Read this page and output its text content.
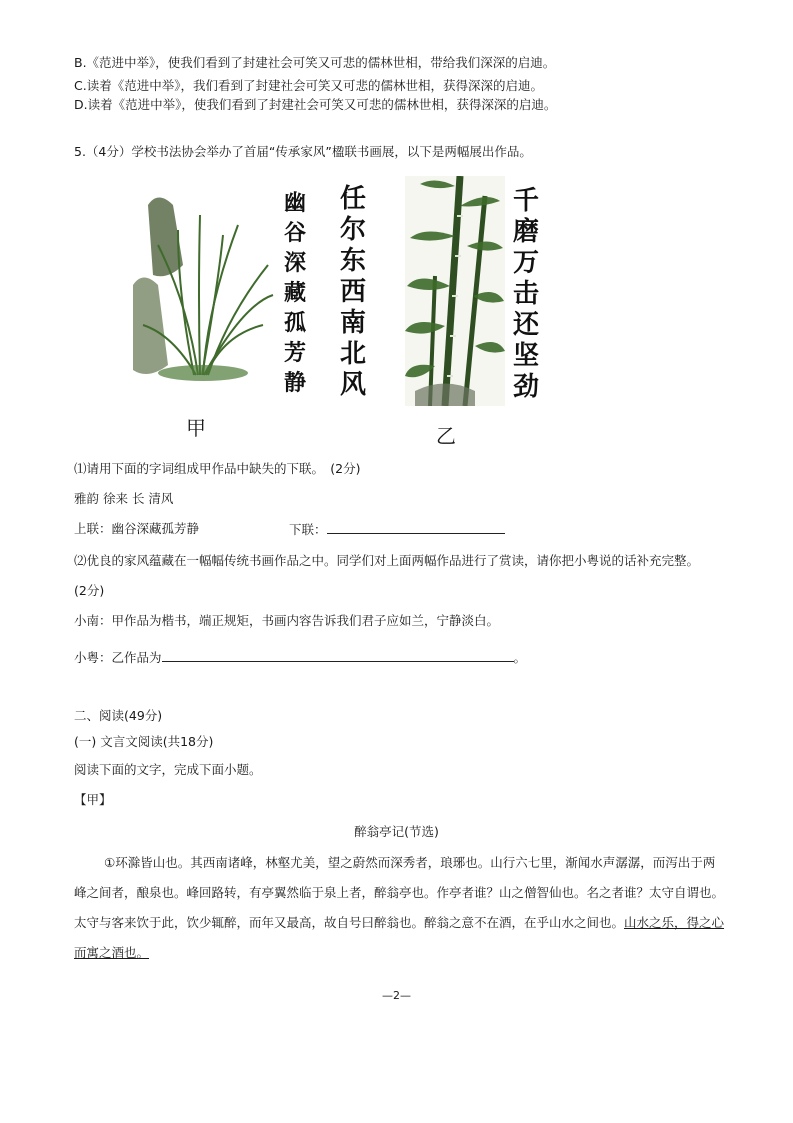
B.《范进中举》，使我们看到了封建社会可笑又可悲的儒林世相，带给我们深深的启迪。
C.读着《范进中举》，我们看到了封建社会可笑又可悲的儒林世相，获得深深的启迪。
D.读着《范进中举》，使我们看到了封建社会可笑又可悲的儒林世相，获得深深的启迪。
5.（4分）学校书法协会举办了首届“传承家风”楹联书画展，以下是两幅展出作品。
幽
谷
深
藏
孤
芳
静
任
尔
东
西
南
北
风
甲
千
磨
万
击
还
坚
劲
乙
⑴请用下面的字词组成甲作品中缺失的下联。　(2分)
雅韵 徐来 长 清风
上联：幽谷深藏孤芳静	下联：
⑵优良的家风蕴藏在一幅幅传统书画作品之中。同学们对上面两幅作品进行了赏读，请你把小粤说的话补充完整。
(2分)
小南：甲作品为楷书，端正规矩，书画内容告诉我们君子应如兰，宁静淡白。
小粤：乙作品为	。
二、阅读(49分)
(一) 文言文阅读(共18分)
阅读下面的文字，完成下面小题。
【甲】
醉翁亭记(节选)
①环滁皆山也。其西南诸峰，林壑尤美，望之蔚然而深秀者，琅琊也。山行六七里，渐闻水声潺潺，而泻出于两
峰之间者，酿泉也。峰回路转，有亭翼然临于泉上者，醉翁亭也。作亭者谁？山之僧智仙也。名之者谁？太守自谓也。
太守与客来饮于此，饮少辄醉，而年又最高，故自号曰醉翁也。醉翁之意不在酒，在乎山水之间也。山水之乐，得之心
而寓之酒也。
—2—
